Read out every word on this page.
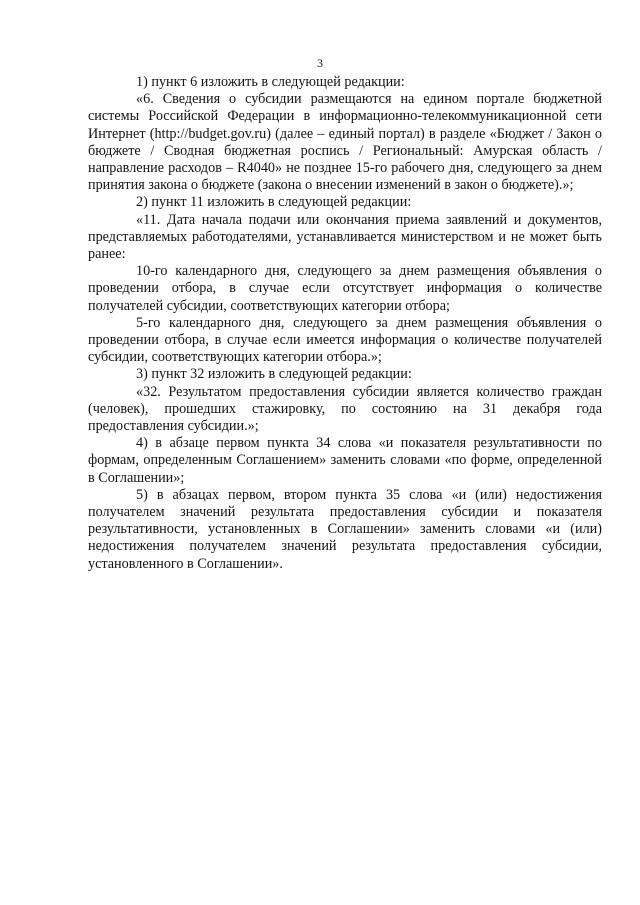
3

1) пункт 6 изложить в следующей редакции:

«6. Сведения о субсидии размещаются на едином портале бюджетной системы Российской Федерации в информационно-телекоммуникационной сети Интернет (http://budget.gov.ru) (далее – единый портал) в разделе «Бюджет / Закон о бюджете / Сводная бюджетная роспись / Региональный: Амурская область / направление расходов – R4040» не позднее 15-го рабочего дня, следующего за днем принятия закона о бюджете (закона о внесении изменений в закон о бюджете).»;

2) пункт 11 изложить в следующей редакции:

«11. Дата начала подачи или окончания приема заявлений и документов, представляемых работодателями, устанавливается министерством и не может быть ранее:

10-го календарного дня, следующего за днем размещения объявления о проведении отбора, в случае если отсутствует информация о количестве получателей субсидии, соответствующих категории отбора;

5-го календарного дня, следующего за днем размещения объявления о проведении отбора, в случае если имеется информация о количестве получателей субсидии, соответствующих категории отбора.»;

3) пункт 32 изложить в следующей редакции:

«32. Результатом предоставления субсидии является количество граждан (человек), прошедших стажировку, по состоянию на 31 декабря года предоставления субсидии.»;

4) в абзаце первом пункта 34 слова «и показателя результативности по формам, определенным Соглашением» заменить словами «по форме, определенной в Соглашении»;

5) в абзацах первом, втором пункта 35 слова «и (или) недостижения получателем значений результата предоставления субсидии и показателя результативности, установленных в Соглашении» заменить словами «и (или) недостижения получателем значений результата предоставления субсидии, установленного в Соглашении».
